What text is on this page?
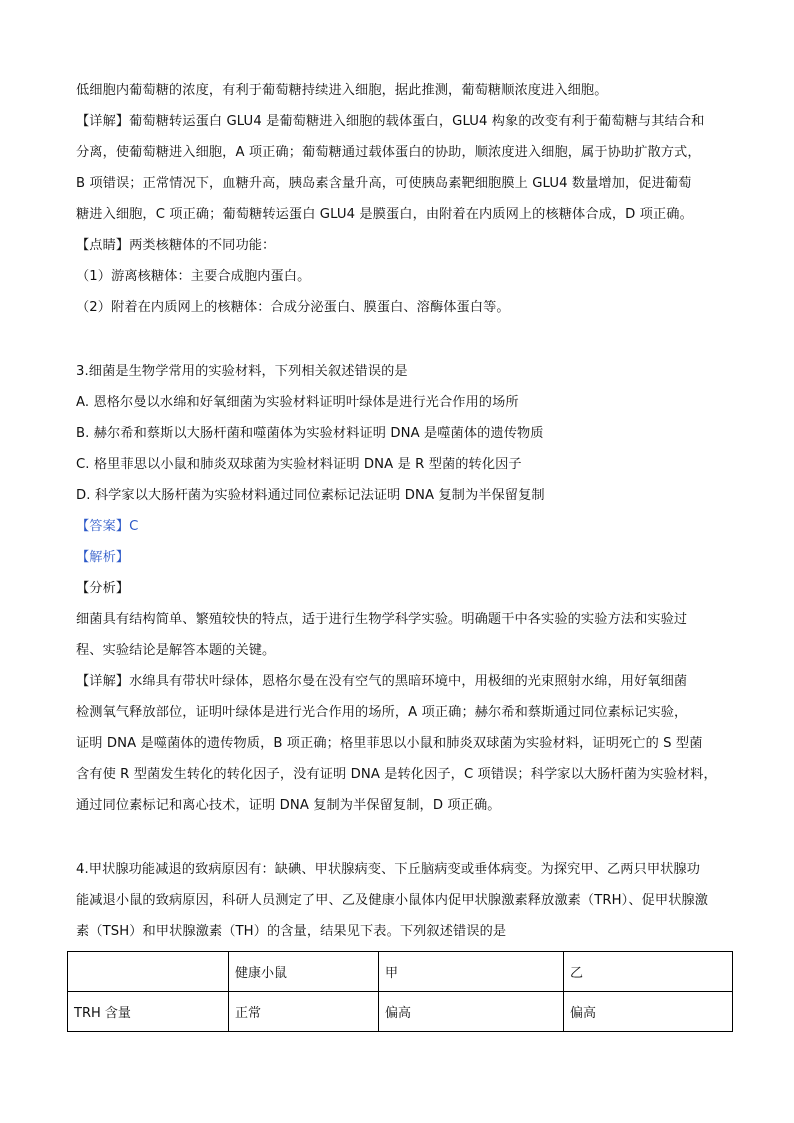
低细胞内葡萄糖的浓度，有利于葡萄糖持续进入细胞，据此推测，葡萄糖顺浓度进入细胞。
【详解】葡萄糖转运蛋白 GLU4 是葡萄糖进入细胞的载体蛋白，GLU4 构象的改变有利于葡萄糖与其结合和
分离，使葡萄糖进入细胞，A 项正确；葡萄糖通过载体蛋白的协助，顺浓度进入细胞，属于协助扩散方式，
B 项错误；正常情况下，血糖升高，胰岛素含量升高，可使胰岛素靶细胞膜上 GLU4 数量增加，促进葡萄
糖进入细胞，C 项正确；葡萄糖转运蛋白 GLU4 是膜蛋白，由附着在内质网上的核糖体合成，D 项正确。
【点睛】两类核糖体的不同功能：
（1）游离核糖体：主要合成胞内蛋白。
（2）附着在内质网上的核糖体：合成分泌蛋白、膜蛋白、溶酶体蛋白等。
3.细菌是生物学常用的实验材料，下列相关叙述错误的是
A. 恩格尔曼以水绵和好氧细菌为实验材料证明叶绿体是进行光合作用的场所
B. 赫尔希和蔡斯以大肠杆菌和噬菌体为实验材料证明 DNA 是噬菌体的遗传物质
C. 格里菲思以小鼠和肺炎双球菌为实验材料证明 DNA 是 R 型菌的转化因子
D. 科学家以大肠杆菌为实验材料通过同位素标记法证明 DNA 复制为半保留复制
【答案】C
【解析】
【分析】
细菌具有结构简单、繁殖较快的特点，适于进行生物学科学实验。明确题干中各实验的实验方法和实验过
程、实验结论是解答本题的关键。
【详解】水绵具有带状叶绿体，恩格尔曼在没有空气的黑暗环境中，用极细的光束照射水绵，用好氧细菌
检测氧气释放部位，证明叶绿体是进行光合作用的场所，A 项正确；赫尔希和蔡斯通过同位素标记实验，
证明 DNA 是噬菌体的遗传物质，B 项正确；格里菲思以小鼠和肺炎双球菌为实验材料，证明死亡的 S 型菌
含有使 R 型菌发生转化的转化因子，没有证明 DNA 是转化因子，C 项错误；科学家以大肠杆菌为实验材料，
通过同位素标记和离心技术，证明 DNA 复制为半保留复制，D 项正确。
4.甲状腺功能减退的致病原因有：缺碘、甲状腺病变、下丘脑病变或垂体病变。为探究甲、乙两只甲状腺功
能减退小鼠的致病原因，科研人员测定了甲、乙及健康小鼠体内促甲状腺激素释放激素（TRH）、促甲状腺激
素（TSH）和甲状腺激素（TH）的含量，结果见下表。下列叙述错误的是
	健康小鼠	甲	乙
TRH 含量	正常	偏高	偏高
